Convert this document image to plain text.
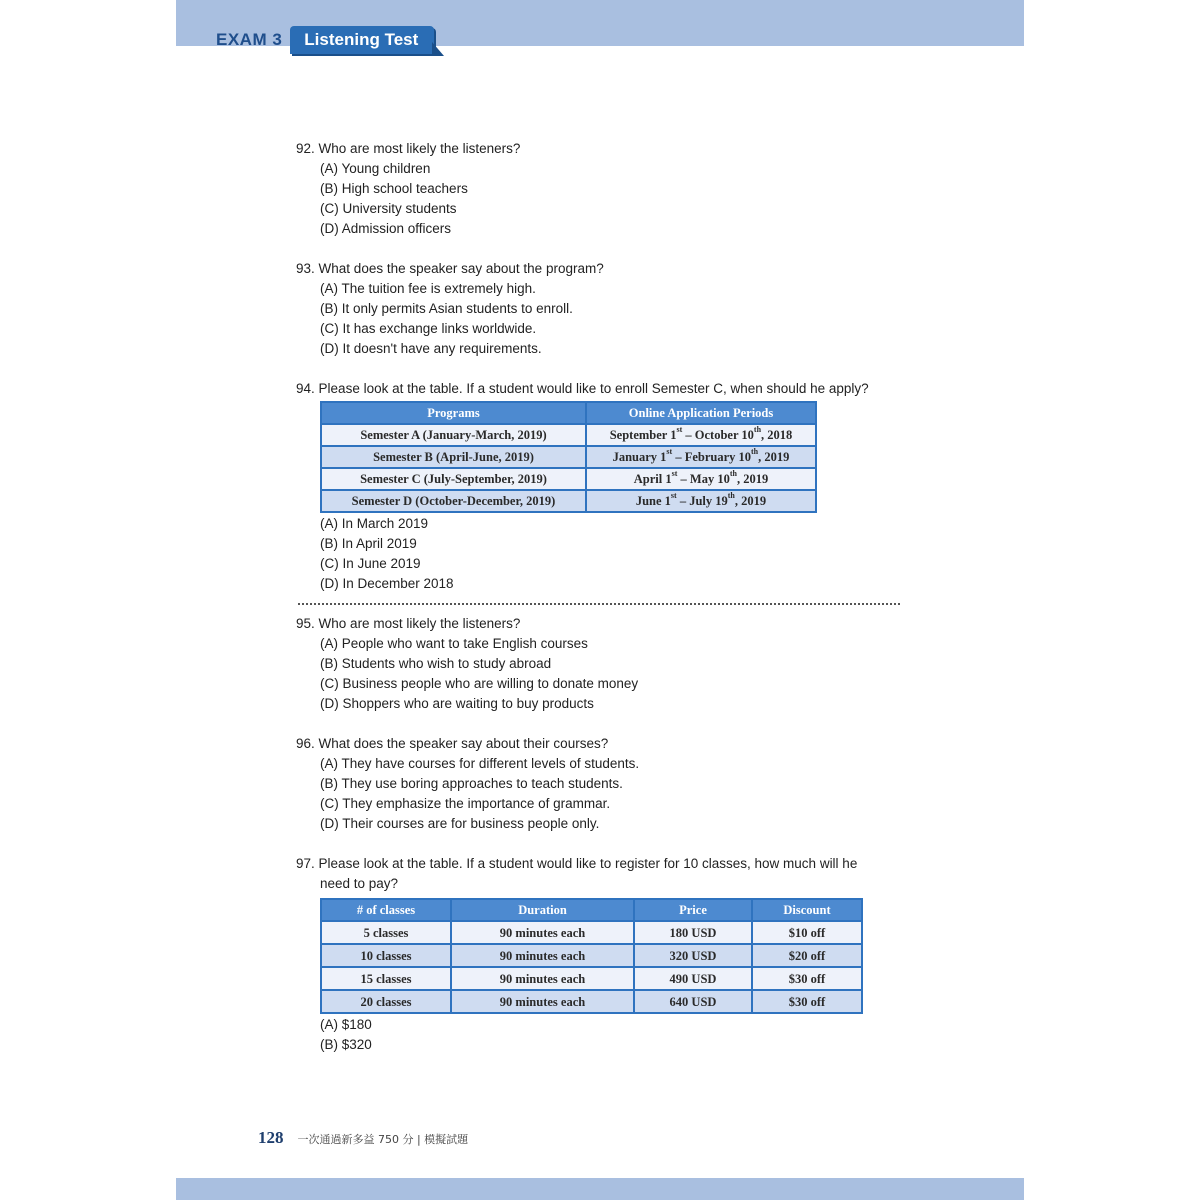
EXAM 3	Listening Test
92. Who are most likely the listeners?
(A) Young children
(B) High school teachers
(C) University students
(D) Admission officers
93. What does the speaker say about the program?
(A) The tuition fee is extremely high.
(B) It only permits Asian students to enroll.
(C) It has exchange links worldwide.
(D) It doesn't have any requirements.
94. Please look at the table. If a student would like to enroll Semester C, when should he apply?
Programs	Online Application Periods
Semester A (January-March, 2019)	September 1st – October 10th, 2018
Semester B (April-June, 2019)	January 1st – February 10th, 2019
Semester C (July-September, 2019)	April 1st – May 10th, 2019
Semester D (October-December, 2019)	June 1st – July 19th, 2019
(A) In March 2019
(B) In April 2019
(C) In June 2019
(D) In December 2018
95. Who are most likely the listeners?
(A) People who want to take English courses
(B) Students who wish to study abroad
(C) Business people who are willing to donate money
(D) Shoppers who are waiting to buy products
96. What does the speaker say about their courses?
(A) They have courses for different levels of students.
(B) They use boring approaches to teach students.
(C) They emphasize the importance of grammar.
(D) Their courses are for business people only.
97. Please look at the table. If a student would like to register for 10 classes, how much will he
need to pay?
# of classes	Duration	Price	Discount
5 classes	90 minutes each	180 USD	$10 off
10 classes	90 minutes each	320 USD	$20 off
15 classes	90 minutes each	490 USD	$30 off
20 classes	90 minutes each	640 USD	$30 off
(A) $180
(B) $320
128 一次通過新多益 750 分 | 模擬試題
